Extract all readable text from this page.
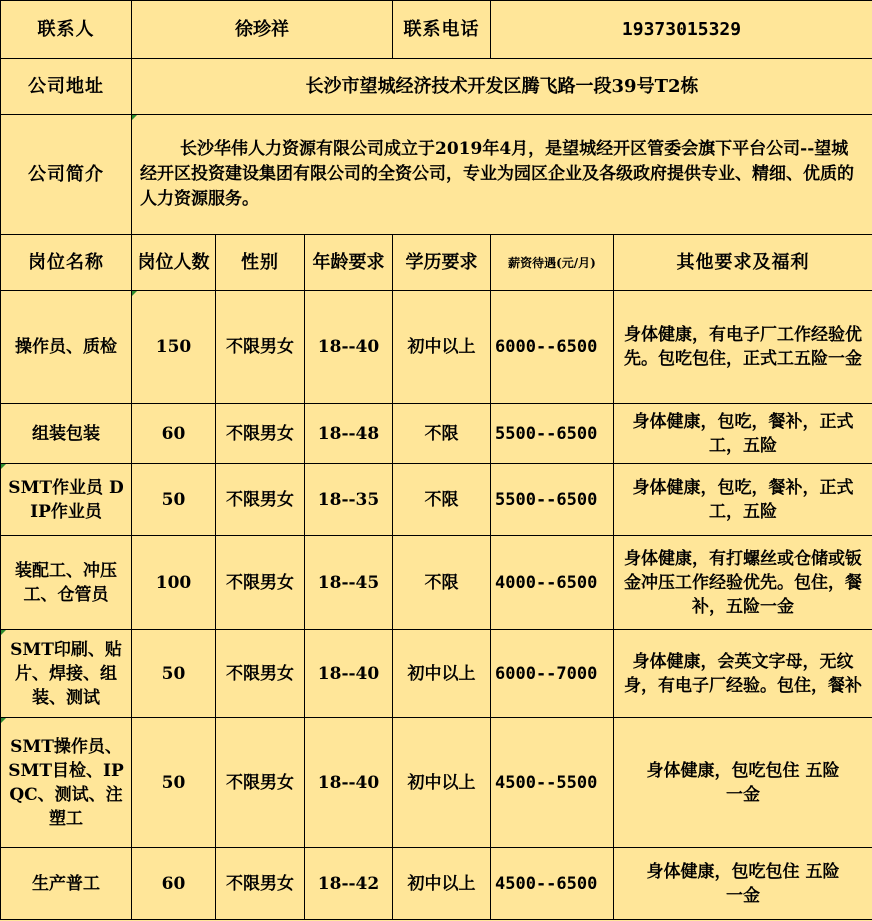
联系人	徐珍祥			联系电话	19373015329	
公司地址	长沙市望城经济技术开发区腾飞路一段39号T2栋					
公司简介	长沙华伟人力资源有限公司成立于2019年4月，是望城经开区管委会旗下平台公司--望城经开区投资建设集团有限公司的全资公司，专业为园区企业及各级政府提供专业、精细、优质的人力资源服务。					
岗位名称	岗位人数	性别	年龄要求	学历要求	薪资待遇(元/月)	其他要求及福利
操作员、质检	150	不限男女	18--40	初中以上	6000--6500	身体健康，有电子厂工作经验优先。包吃包住，正式工五险一金
组装包装	60	不限男女	18--48	不限	5500--6500	身体健康，包吃，餐补，正式工，五险
SMT作业员 DIP作业员	50	不限男女	18--35	不限	5500--6500	身体健康，包吃，餐补，正式工，五险
装配工、冲压工、仓管员	100	不限男女	18--45	不限	4000--6500	身体健康，有打螺丝或仓储或钣金冲压工作经验优先。包住，餐补，五险一金
SMT印刷、贴片、焊接、组装、测试	50	不限男女	18--40	初中以上	6000--7000	身体健康，会英文字母，无纹身，有电子厂经验。包住，餐补
SMT操作员、SMT目检、IPQC、测试、注塑工	50	不限男女	18--40	初中以上	4500--5500	身体健康，包吃包住 五险一金
生产普工	60	不限男女	18--42	初中以上	4500--6500	身体健康，包吃包住 五险一金
